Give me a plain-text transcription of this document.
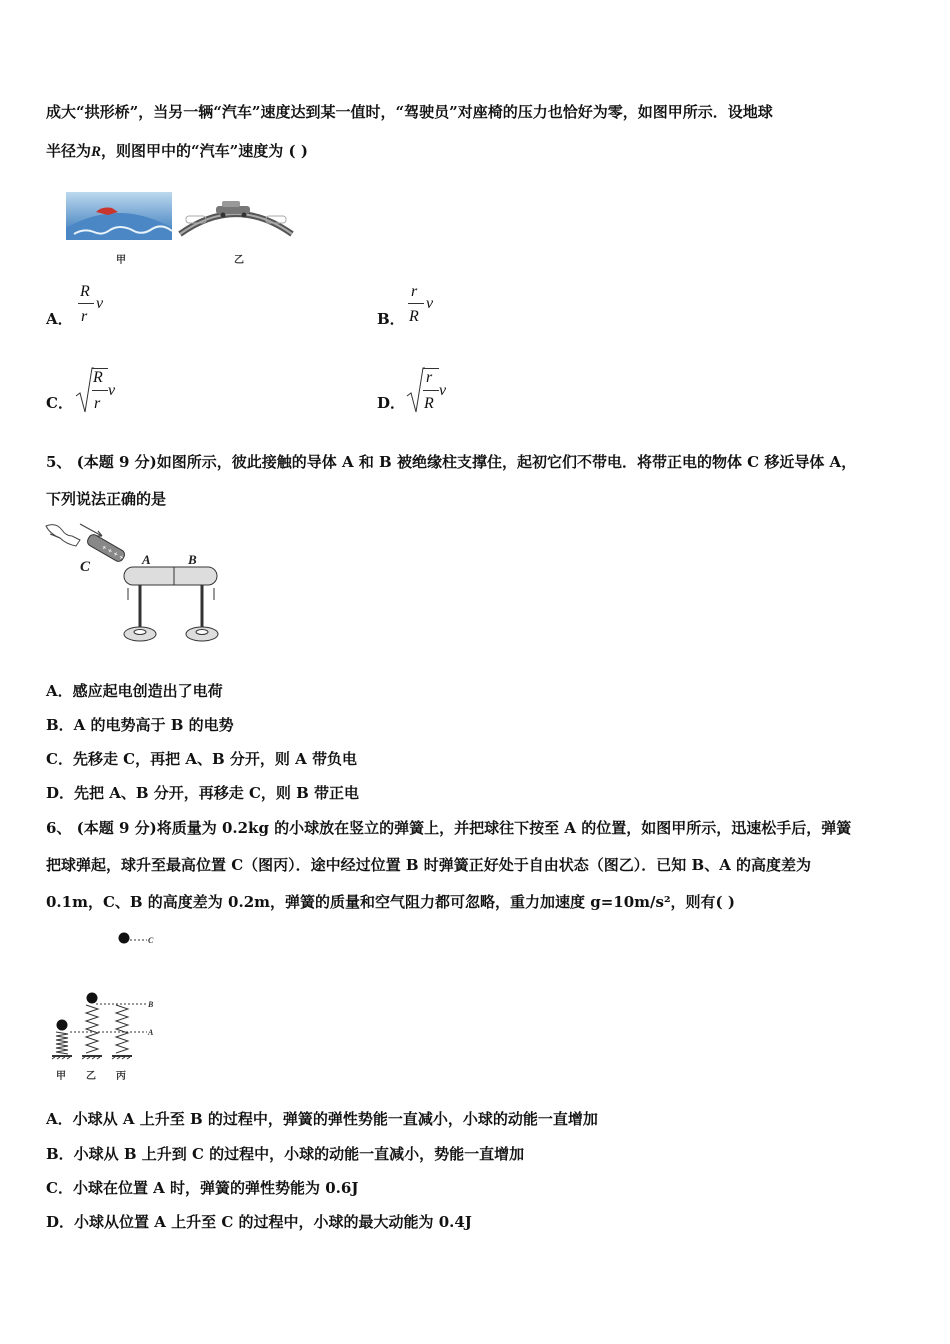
成大“拱形桥”，当另一辆“汽车”速度达到某一值时，“驾驶员”对座椅的压力也恰好为零，如图甲所示．设地球
半径为R，则图甲中的“汽车”速度为 ( )
甲	乙
A．
R
r
v
B．
r
R
v
C．
R
r
v
D．
r
R
v
5、 (本题 9 分)如图所示，彼此接触的导体 A 和 B 被绝缘柱支撑住，起初它们不带电．将带正电的物体 C 移近导体 A，
下列说法正确的是
+ + + +
C	A	B
A．感应起电创造出了电荷
B．A 的电势高于 B 的电势
C．先移走 C，再把 A、B 分开，则 A 带负电
D．先把 A、B 分开，再移走 C，则 B 带正电
6、 (本题 9 分)将质量为 0.2kg 的小球放在竖立的弹簧上，并把球往下按至 A 的位置，如图甲所示，迅速松手后，弹簧
把球弹起，球升至最高位置 C（图丙）．途中经过位置 B 时弹簧正好处于自由状态（图乙）．已知 B、A 的高度差为
0.1m，C、B 的高度差为 0.2m，弹簧的质量和空气阻力都可忽略，重力加速度 g=10m/s²，则有( )
C
B
A
甲 乙 丙
A．小球从 A 上升至 B 的过程中，弹簧的弹性势能一直减小，小球的动能一直增加
B．小球从 B 上升到 C 的过程中，小球的动能一直减小，势能一直增加
C．小球在位置 A 时，弹簧的弹性势能为 0.6J
D．小球从位置 A 上升至 C 的过程中，小球的最大动能为 0.4J
